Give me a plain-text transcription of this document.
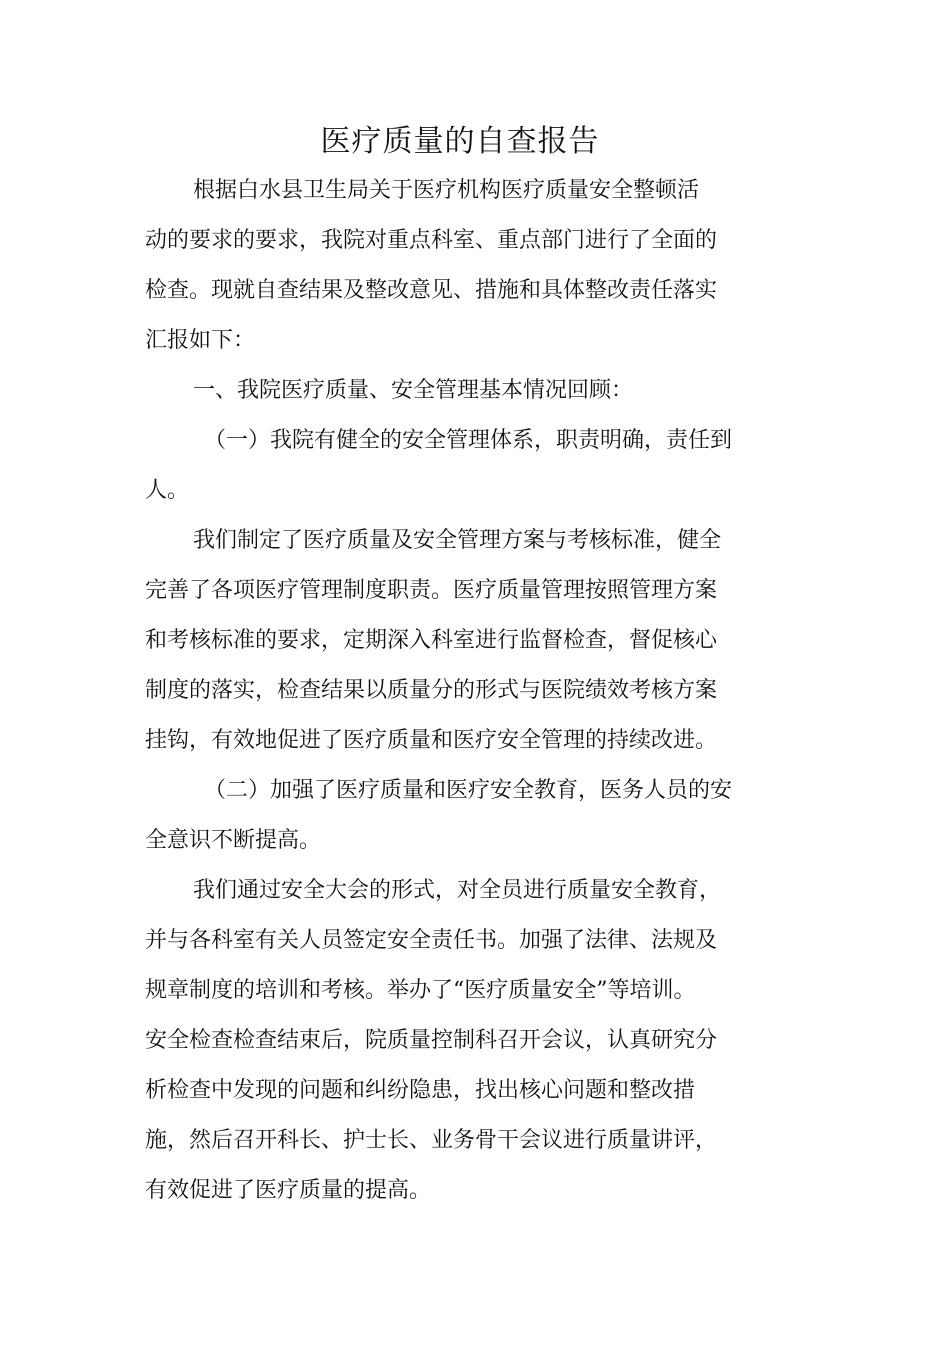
医疗质量的自查报告
根据白水县卫生局关于医疗机构医疗质量安全整顿活
动的要求的要求，我院对重点科室、重点部门进行了全面的
检查。现就自查结果及整改意见、措施和具体整改责任落实
汇报如下：
一、我院医疗质量、安全管理基本情况回顾：
（一）我院有健全的安全管理体系，职责明确，责任到
人。
我们制定了医疗质量及安全管理方案与考核标准，健全
完善了各项医疗管理制度职责。医疗质量管理按照管理方案
和考核标准的要求，定期深入科室进行监督检查，督促核心
制度的落实，检查结果以质量分的形式与医院绩效考核方案
挂钩，有效地促进了医疗质量和医疗安全管理的持续改进。
（二）加强了医疗质量和医疗安全教育，医务人员的安
全意识不断提高。
我们通过安全大会的形式，对全员进行质量安全教育，
并与各科室有关人员签定安全责任书。加强了法律、法规及
规章制度的培训和考核。举办了“医疗质量安全”等培训。
安全检查检查结束后，院质量控制科召开会议，认真研究分
析检查中发现的问题和纠纷隐患，找出核心问题和整改措
施，然后召开科长、护士长、业务骨干会议进行质量讲评，
有效促进了医疗质量的提高。
